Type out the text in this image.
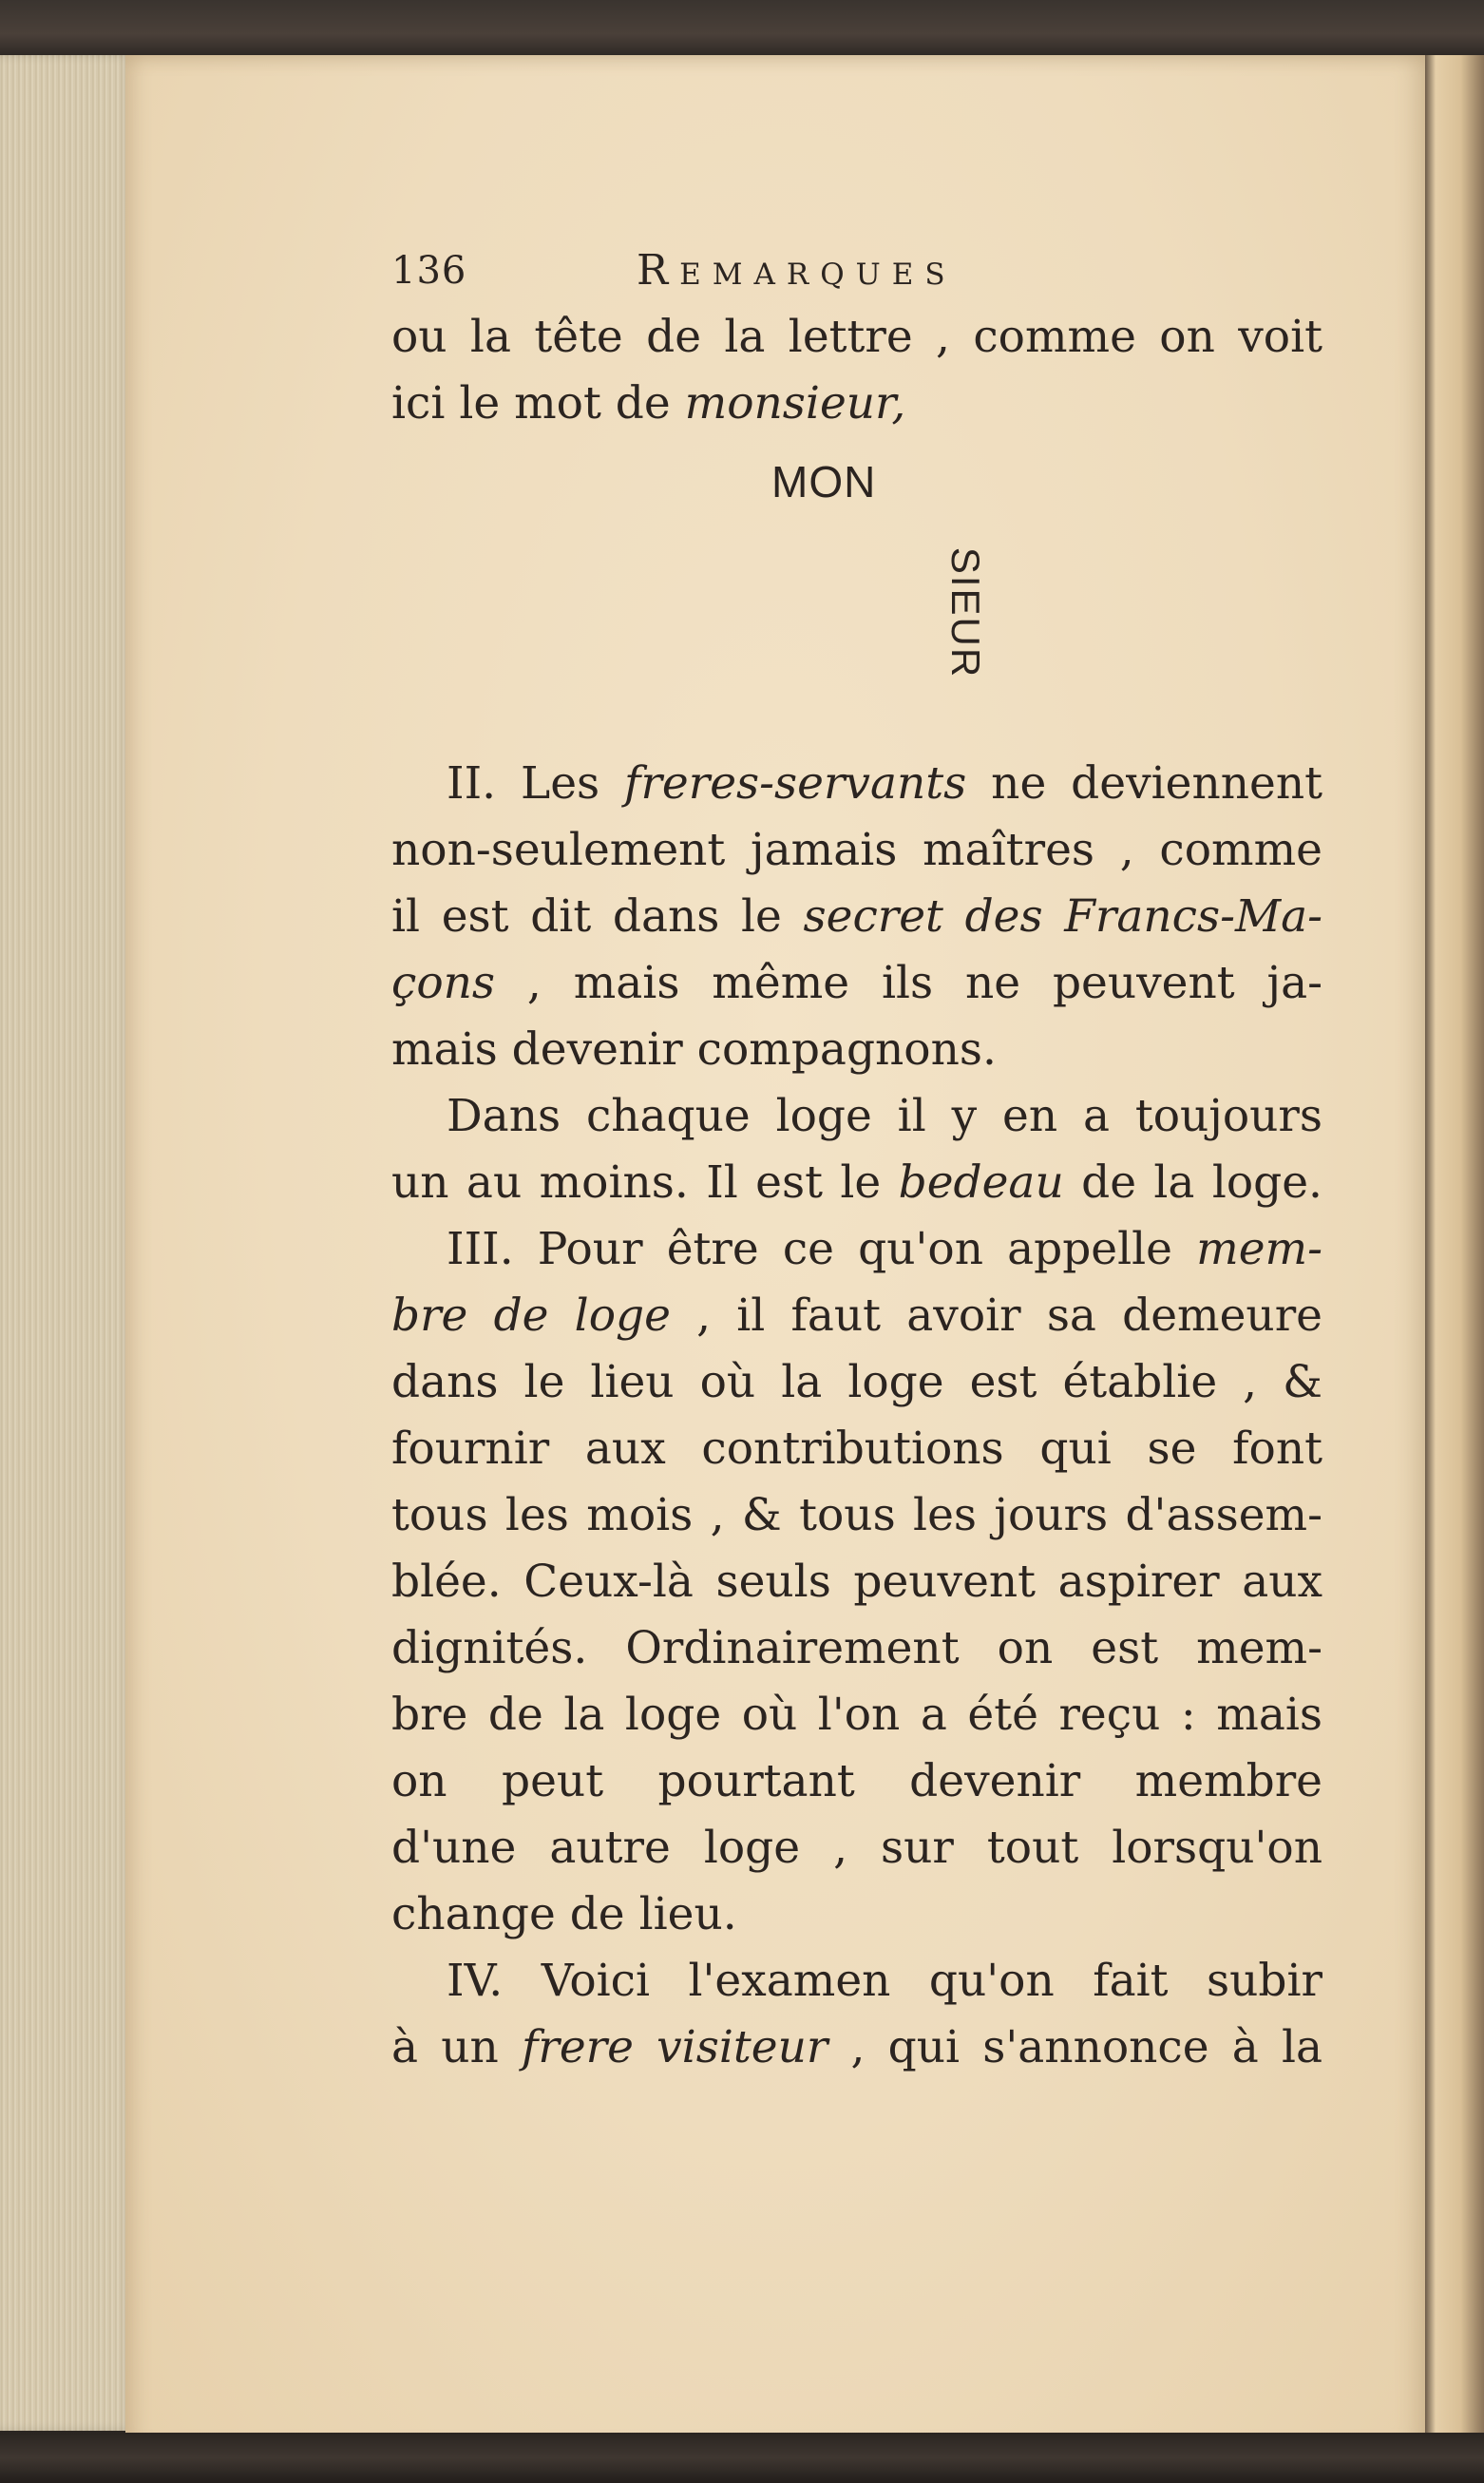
136	Remarques
ou la tête de la lettre , comme on voit
ici le mot de monsieur,
MON
SIEUR
II. Les freres-servants ne deviennent
non-seulement jamais maîtres , comme
il est dit dans le secret des Francs-Ma-
çons , mais même ils ne peuvent ja-
mais devenir compagnons.
Dans chaque loge il y en a toujours
un au moins. Il est le bedeau de la loge.
III. Pour être ce qu'on appelle mem-
bre de loge , il faut avoir sa demeure
dans le lieu où la loge est établie , &
fournir aux contributions qui se font
tous les mois , & tous les jours d'assem-
blée. Ceux-là seuls peuvent aspirer aux
dignités. Ordinairement on est mem-
bre de la loge où l'on a été reçu : mais
on peut pourtant devenir membre
d'une autre loge , sur tout lorsqu'on
change de lieu.
IV. Voici l'examen qu'on fait subir
à un frere visiteur , qui s'annonce à la
